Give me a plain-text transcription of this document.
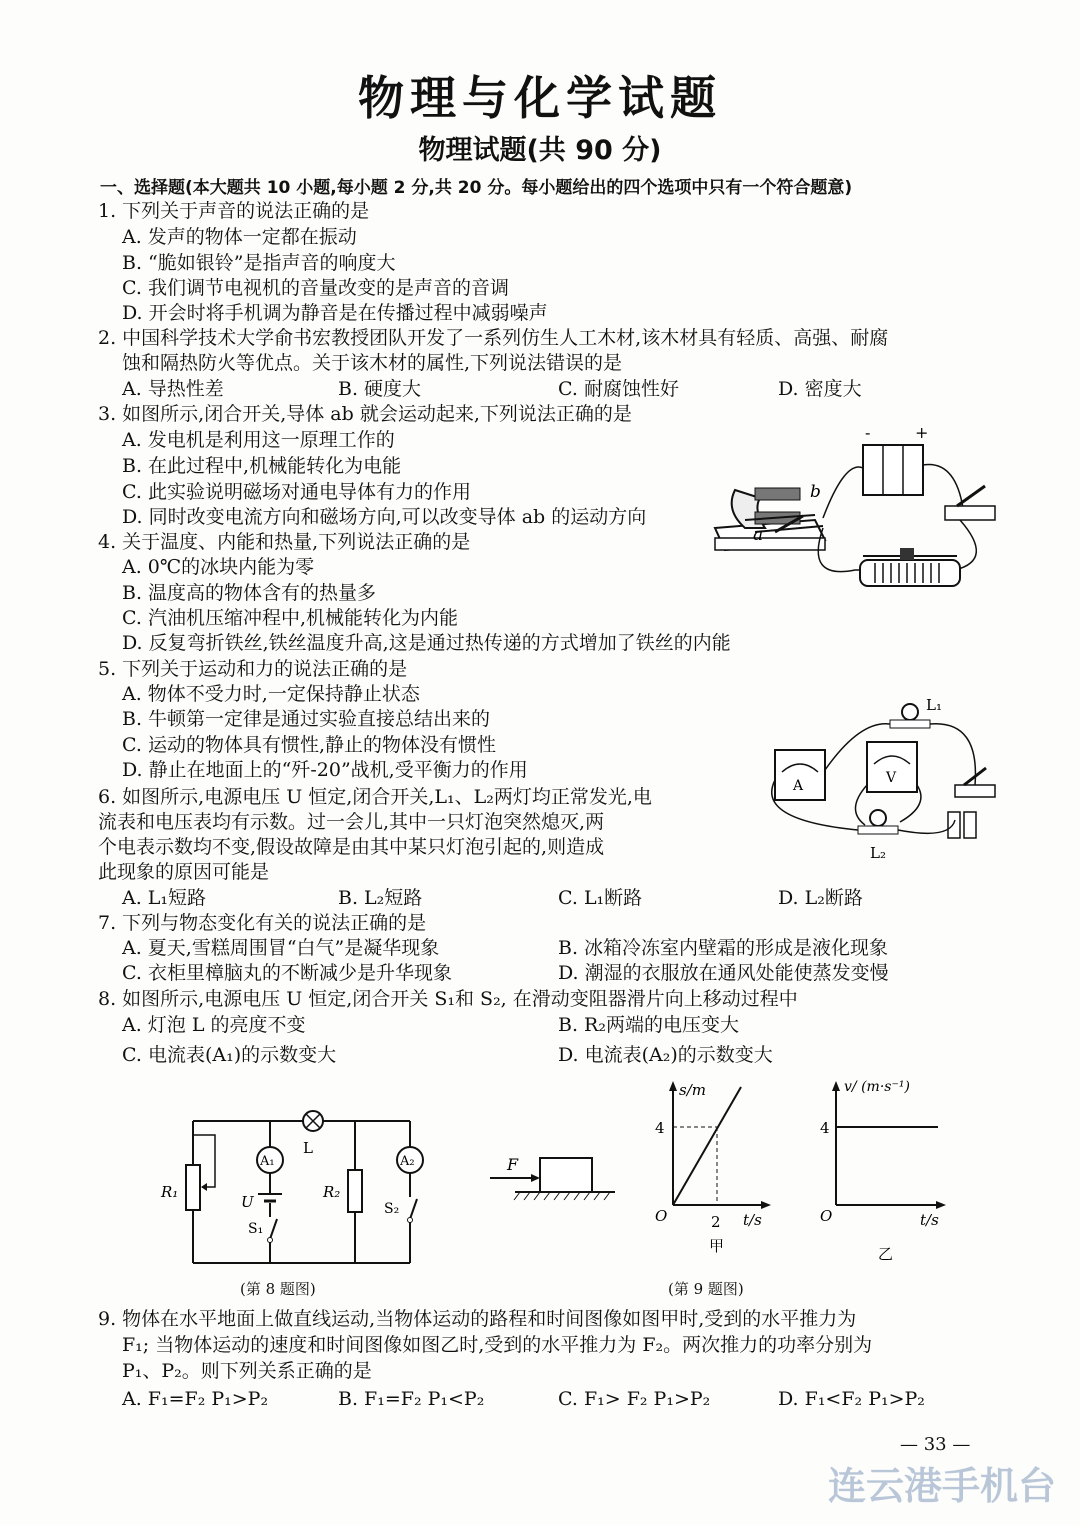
物理与化学试题
物理试题(共 90 分)
一、选择题(本大题共 10 小题,每小题 2 分,共 20 分。每小题给出的四个选项中只有一个符合题意)
1. 下列关于声音的说法正确的是
A. 发声的物体一定都在振动
B. “脆如银铃”是指声音的响度大
C. 我们调节电视机的音量改变的是声音的音调
D. 开会时将手机调为静音是在传播过程中减弱噪声
2. 中国科学技术大学俞书宏教授团队开发了一系列仿生人工木材,该木材具有轻质、高强、耐腐
蚀和隔热防火等优点。关于该木材的属性,下列说法错误的是
A. 导热性差	B. 硬度大	C. 耐腐蚀性好	D. 密度大
3. 如图所示,闭合开关,导体 ab 就会运动起来,下列说法正确的是
A. 发电机是利用这一原理工作的
B. 在此过程中,机械能转化为电能
C. 此实验说明磁场对通电导体有力的作用
D. 同时改变电流方向和磁场方向,可以改变导体 ab 的运动方向
-	+
a
b
4. 关于温度、内能和热量,下列说法正确的是
A. 0℃的冰块内能为零
B. 温度高的物体含有的热量多
C. 汽油机压缩冲程中,机械能转化为内能
D. 反复弯折铁丝,铁丝温度升高,这是通过热传递的方式增加了铁丝的内能
5. 下列关于运动和力的说法正确的是
A. 物体不受力时,一定保持静止状态
B. 牛顿第一定律是通过实验直接总结出来的
C. 运动的物体具有惯性,静止的物体没有惯性
D. 静止在地面上的“歼-20”战机,受平衡力的作用
A	V
L₁
L₂
6. 如图所示,电源电压 U 恒定,闭合开关,L₁、L₂两灯均正常发光,电
流表和电压表均有示数。过一会儿,其中一只灯泡突然熄灭,两
个电表示数均不变,假设故障是由其中某只灯泡引起的,则造成
此现象的原因可能是
A. L₁短路	B. L₂短路	C. L₁断路	D. L₂断路
7. 下列与物态变化有关的说法正确的是
A. 夏天,雪糕周围冒“白气”是凝华现象	B. 冰箱冷冻室内壁霜的形成是液化现象
C. 衣柜里樟脑丸的不断减少是升华现象	D. 潮湿的衣服放在通风处能使蒸发变慢
8. 如图所示,电源电压 U 恒定,闭合开关 S₁和 S₂, 在滑动变阻器滑片向上移动过程中
A. 灯泡 L 的亮度不变	B. R₂两端的电压变大
C. 电流表(A₁)的示数变大	D. 电流表(A₂)的示数变大
L
R₁
A₁
U
S₁
R₂
A₂
S₂
(第 8 题图)
F
s/m
4
2
O	t/s
甲
v/ (m·s⁻¹)
4
O	t/s
乙
(第 9 题图)
9. 物体在水平地面上做直线运动,当物体运动的路程和时间图像如图甲时,受到的水平推力为
F₁; 当物体运动的速度和时间图像如图乙时,受到的水平推力为 F₂。两次推力的功率分别为
P₁、P₂。则下列关系正确的是
A. F₁=F₂ P₁>P₂	B. F₁=F₂ P₁<P₂	C. F₁> F₂ P₁>P₂	D. F₁<F₂ P₁>P₂
— 33 —
连云港手机台
